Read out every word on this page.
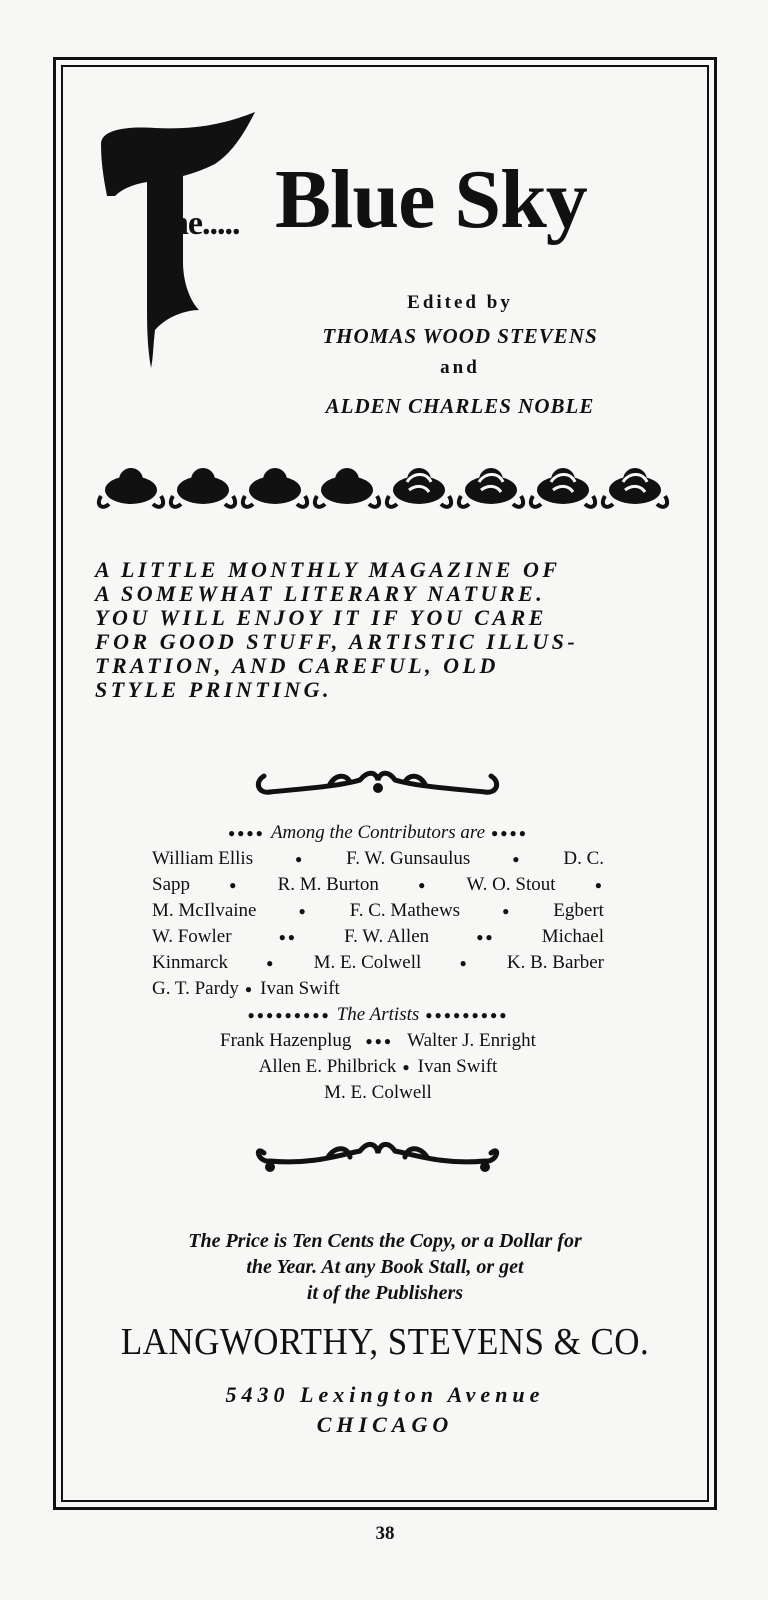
he..... Blue Sky
Edited by
THOMAS WOOD STEVENS
and
ALDEN CHARLES NOBLE
A LITTLE MONTHLY MAGAZINE OF
A SOMEWHAT LITERARY NATURE.
YOU WILL ENJOY IT IF YOU CARE
FOR GOOD STUFF, ARTISTIC ILLUS-
TRATION, AND CAREFUL, OLD
STYLE PRINTING.
●●●● Among the Contributors are ●●●●
William Ellis	● F. W. Gunsaulus	● D. C.
Sapp	● R. M. Burton	● W. O. Stout	●
M. McIlvaine	● F. C. Mathews	● Egbert
W. Fowler	●● F. W. Allen	●● Michael
Kinmarck	● M. E. Colwell	● K. B. Barber
G. T. Pardy ● Ivan Swift
●●●●●●●●● The Artists ●●●●●●●●●
Frank Hazenplug ●●● Walter J. Enright
Allen E. Philbrick ● Ivan Swift
M. E. Colwell
The Price is Ten Cents the Copy, or a Dollar for
the Year. At any Book Stall, or get
it of the Publishers
LANGWORTHY, STEVENS & CO.
5430 Lexington Avenue
CHICAGO
38
